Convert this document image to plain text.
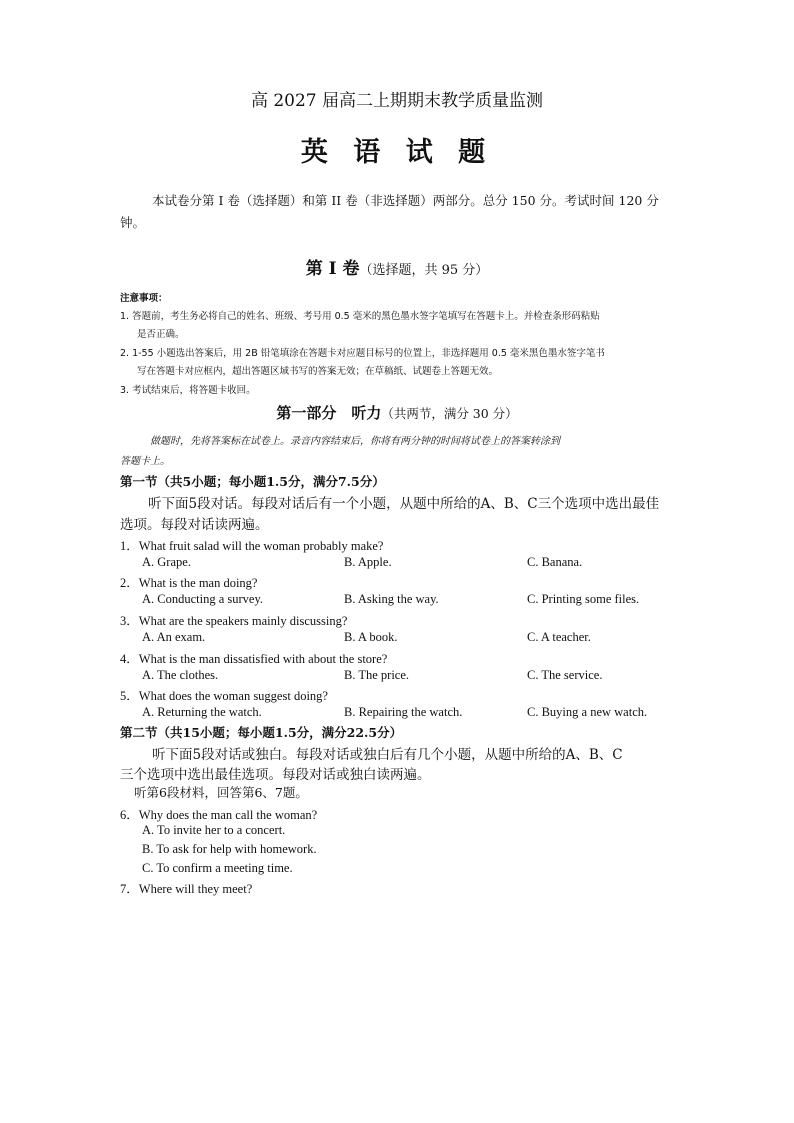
高 2027 届高二上期期末教学质量监测
英 语 试 题
本试卷分第 I 卷（选择题）和第 II 卷（非选择题）两部分。总分 150 分。考试时间 120 分钟。
第 Ⅰ 卷（选择题，共 95 分）
注意事项：
1. 答题前，考生务必将自己的姓名、班级、考号用 0.5 毫米的黑色墨水签字笔填写在答题卡上。并检查条形码粘贴
是否正确。
2. 1-55 小题选出答案后，用 2B 铅笔填涂在答题卡对应题目标号的位置上，非选择题用 0.5 毫米黑色墨水签字笔书
写在答题卡对应框内，超出答题区域书写的答案无效；在草稿纸、试题卷上答题无效。
3. 考试结束后，将答题卡收回。
第一部分　听力（共两节，满分 30 分）
做题时，先将答案标在试卷上。录音内容结束后，你将有两分钟的时间将试卷上的答案转涂到
答题卡上。
第一节（共5小题；每小题1.5分，满分7.5分）
听下面5段对话。每段对话后有一个小题，从题中所给的A、B、C三个选项中选出最佳
选项。每段对话读两遍。
1．What fruit salad will the woman probably make?
A. Grape.	B. Apple.	C. Banana.
2．What is the man doing?
A. Conducting a survey.	B. Asking the way.	C. Printing some files.
3．What are the speakers mainly discussing?
A. An exam.	B. A book.	C. A teacher.
4．What is the man dissatisfied with about the store?
A. The clothes.	B. The price.	C. The service.
5．What does the woman suggest doing?
A. Returning the watch.	B. Repairing the watch.	C. Buying a new watch.
第二节（共15小题；每小题1.5分，满分22.5分）
听下面5段对话或独白。每段对话或独白后有几个小题，从题中所给的A、B、C
三个选项中选出最佳选项。每段对话或独白读两遍。
听第6段材料，回答第6、7题。
6．Why does the man call the woman?
A. To invite her to a concert.
B. To ask for help with homework.
C. To confirm a meeting time.
7．Where will they meet?
